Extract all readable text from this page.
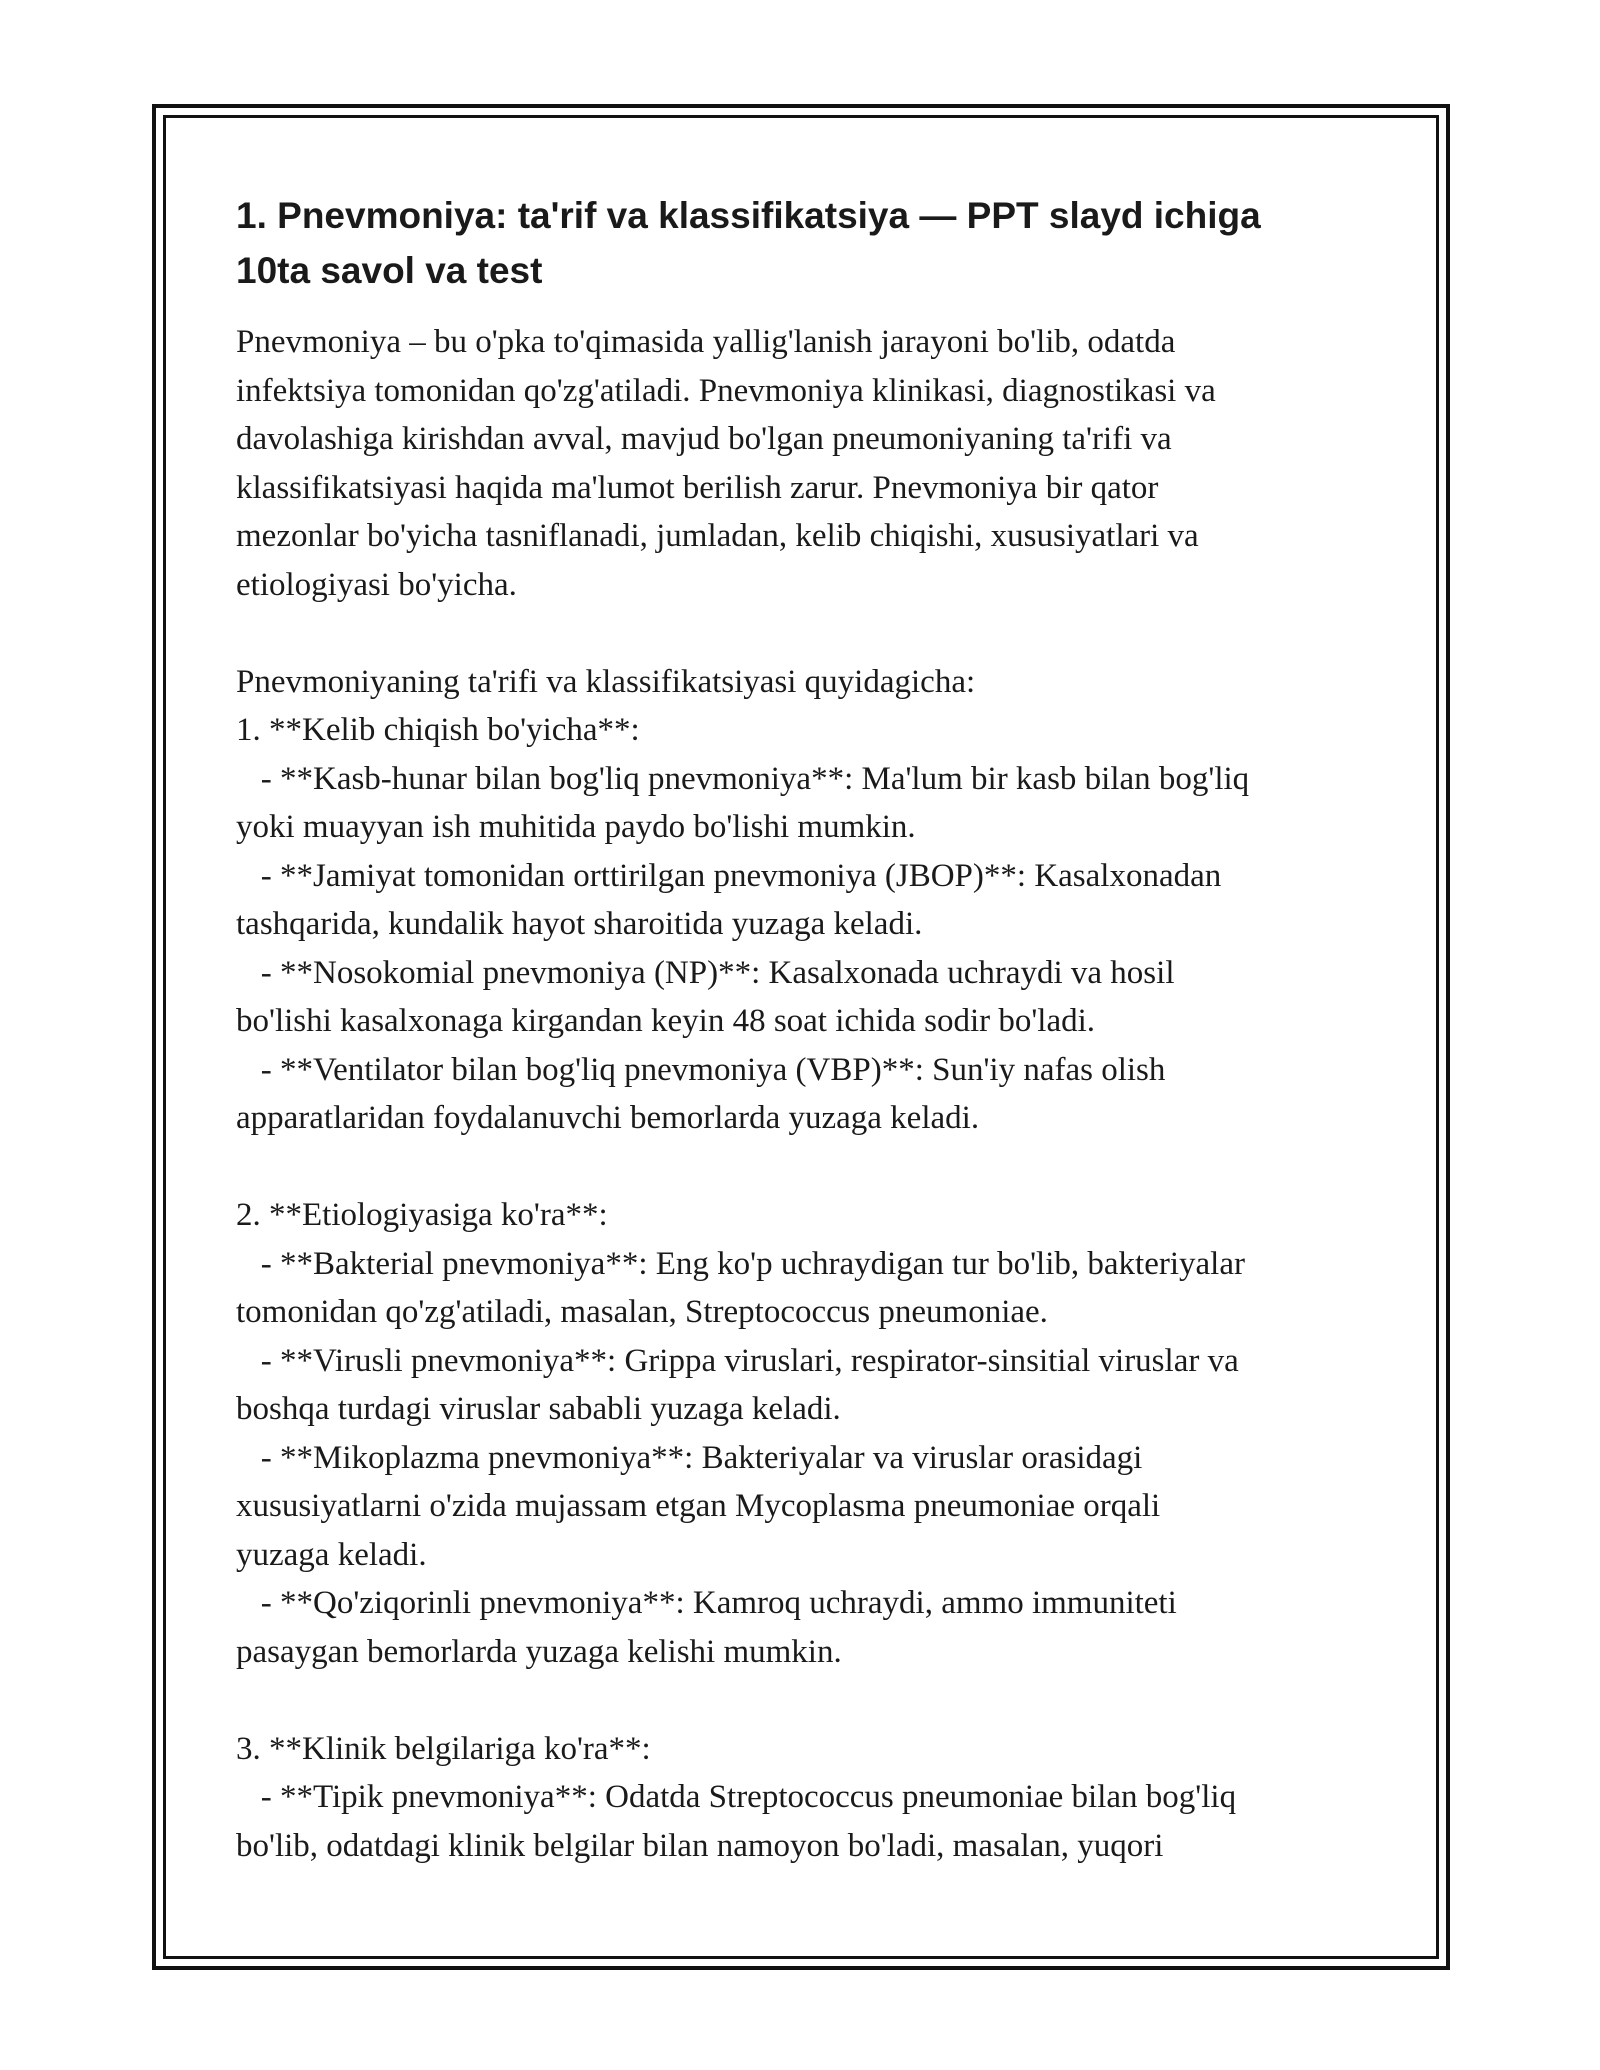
1. Pnevmoniya: ta'rif va klassifikatsiya — PPT slayd ichiga 10ta savol va test

Pnevmoniya – bu o'pka to'qimasida yallig'lanish jarayoni bo'lib, odatda
infektsiya tomonidan qo'zg'atiladi. Pnevmoniya klinikasi, diagnostikasi va
davolashiga kirishdan avval, mavjud bo'lgan pneumoniyaning ta'rifi va
klassifikatsiyasi haqida ma'lumot berilish zarur. Pnevmoniya bir qator
mezonlar bo'yicha tasniflanadi, jumladan, kelib chiqishi, xususiyatlari va
etiologiyasi bo'yicha.

Pnevmoniyaning ta'rifi va klassifikatsiyasi quyidagicha:
1. **Kelib chiqish bo'yicha**:
- **Kasb-hunar bilan bog'liq pnevmoniya**: Ma'lum bir kasb bilan bog'liq
yoki muayyan ish muhitida paydo bo'lishi mumkin.
- **Jamiyat tomonidan orttirilgan pnevmoniya (JBOP)**: Kasalxonadan
tashqarida, kundalik hayot sharoitida yuzaga keladi.
- **Nosokomial pnevmoniya (NP)**: Kasalxonada uchraydi va hosil
bo'lishi kasalxonaga kirgandan keyin 48 soat ichida sodir bo'ladi.
- **Ventilator bilan bog'liq pnevmoniya (VBP)**: Sun'iy nafas olish
apparatlaridan foydalanuvchi bemorlarda yuzaga keladi.

2. **Etiologiyasiga ko'ra**:
- **Bakterial pnevmoniya**: Eng ko'p uchraydigan tur bo'lib, bakteriyalar
tomonidan qo'zg'atiladi, masalan, Streptococcus pneumoniae.
- **Virusli pnevmoniya**: Grippa viruslari, respirator-sinsitial viruslar va
boshqa turdagi viruslar sababli yuzaga keladi.
- **Mikoplazma pnevmoniya**: Bakteriyalar va viruslar orasidagi
xususiyatlarni o'zida mujassam etgan Mycoplasma pneumoniae orqali
yuzaga keladi.
- **Qo'ziqorinli pnevmoniya**: Kamroq uchraydi, ammo immuniteti
pasaygan bemorlarda yuzaga kelishi mumkin.

3. **Klinik belgilariga ko'ra**:
- **Tipik pnevmoniya**: Odatda Streptococcus pneumoniae bilan bog'liq
bo'lib, odatdagi klinik belgilar bilan namoyon bo'ladi, masalan, yuqori
